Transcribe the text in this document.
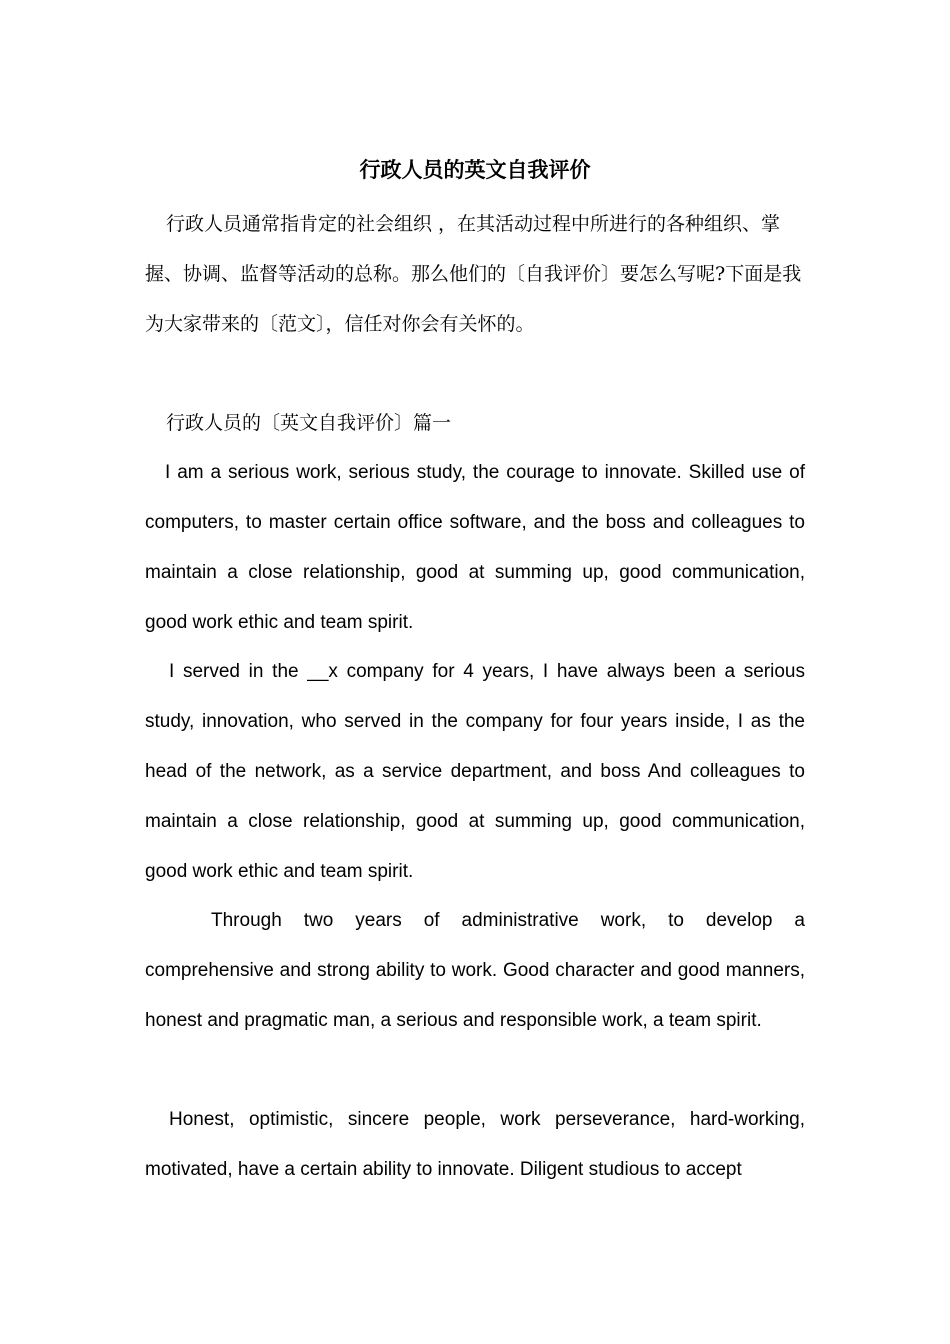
行政人员的英文自我评价

行政人员通常指肯定的社会组织 ，在其活动过程中所进行的各种组织、掌握、协调、监督等活动的总称。那么他们的〔自我评价〕要怎么写呢?下面是我为大家带来的〔范文〕，信任对你会有关怀的。

行政人员的〔英文自我评价〕篇一

I am a serious work, serious study, the courage to innovate. Skilled use of computers, to master certain office software, and the boss and colleagues to maintain a close relationship, good at summing up, good communication, good work ethic and team spirit.

I served in the __x company for 4 years, I have always been a serious study, innovation, who served in the company for four years inside, I as the head of the network, as a service department, and boss And colleagues to maintain a close relationship, good at summing up, good communication, good work ethic and team spirit.

Through two years of administrative work, to develop a comprehensive and strong ability to work. Good character and good manners, honest and pragmatic man, a serious and responsible work, a team spirit.

Honest, optimistic, sincere people, work perseverance, hard-working, motivated, have a certain ability to innovate. Diligent studious to accept
